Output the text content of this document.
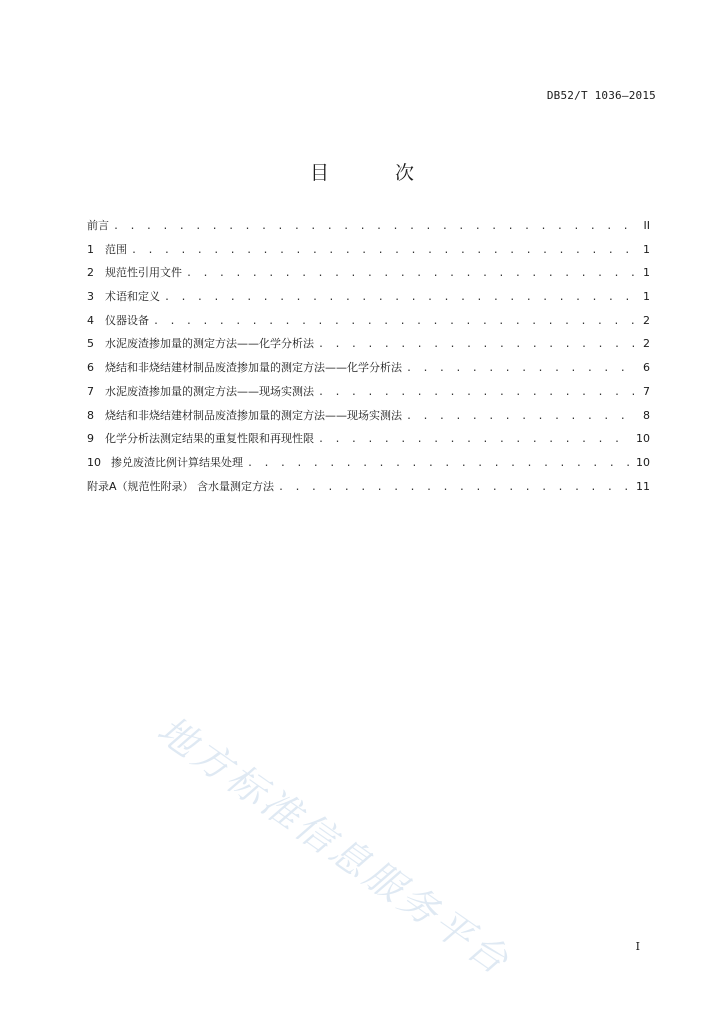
DB52/T 1036—2015
目 次
前言 . . .	II
1	范围 . . .	1
2	规范性引用文件 . . .	1
3	术语和定义 . . .	1
4	仪器设备 . . .	2
5	水泥废渣掺加量的测定方法——化学分析法 . . .	2
6	烧结和非烧结建材制品废渣掺加量的测定方法——化学分析法 . . .	6
7	水泥废渣掺加量的测定方法——现场实测法 . . .	7
8	烧结和非烧结建材制品废渣掺加量的测定方法——现场实测法 . . .	8
9	化学分析法测定结果的重复性限和再现性限 . . .	10
10 掺兑废渣比例计算结果处理 . . .	10
附录A（规范性附录） 含水量测定方法 . . .	11
地方标准信息服务平台	I
